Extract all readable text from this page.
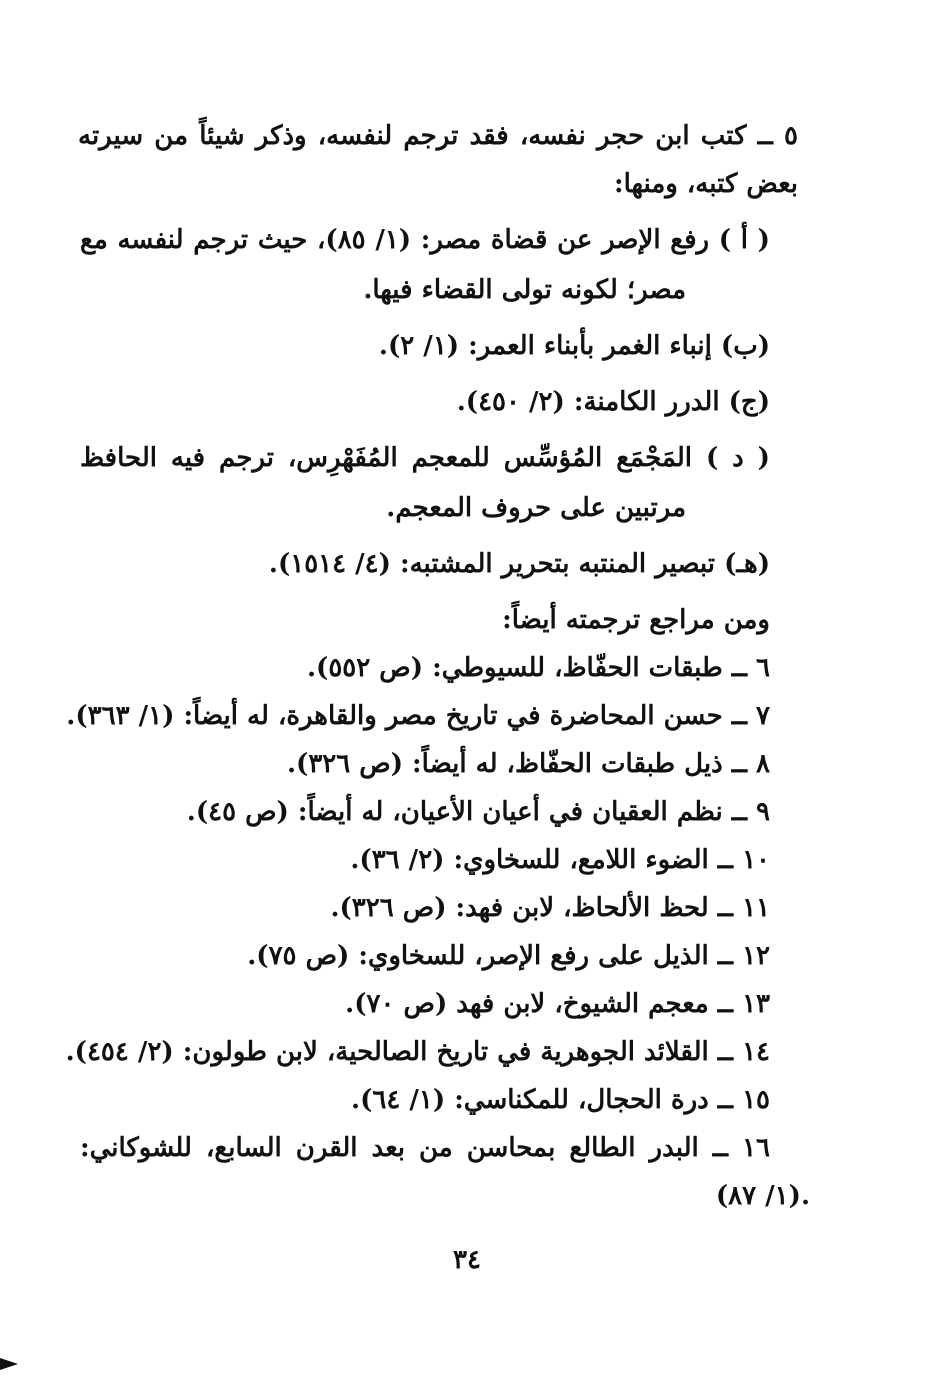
٥ ــ كتب ابن حجر نفسه، فقد ترجم لنفسه، وذكر شيئاً من سيرته
بعض كتبه، ومنها:
( أ ) رفع الإصر عن قضاة مصر: (١/ ٨٥)، حيث ترجم لنفسه مع
مصر؛ لكونه تولى القضاء فيها.
(ب) إنباء الغمر بأبناء العمر: (١/ ٢).
(ج) الدرر الكامنة: (٢/ ٤٥٠).
( د ) المَجْمَع المُؤسِّس للمعجم المُفَهْرِس، ترجم فيه الحافظ
مرتبين على حروف المعجم.
(هـ) تبصير المنتبه بتحرير المشتبه: (٤/ ١٥١٤).
ومن مراجع ترجمته أيضاً:
٦ ــ طبقات الحفّاظ، للسيوطي: (ص ٥٥٢).
٧ ــ حسن المحاضرة في تاريخ مصر والقاهرة، له أيضاً: (١/ ٣٦٣).
٨ ــ ذيل طبقات الحفّاظ، له أيضاً: (ص ٣٢٦).
٩ ــ نظم العقيان في أعيان الأعيان، له أيضاً: (ص ٤٥).
١٠ ــ الضوء اللامع، للسخاوي: (٢/ ٣٦).
١١ ــ لحظ الألحاظ، لابن فهد: (ص ٣٢٦).
١٢ ــ الذيل على رفع الإصر، للسخاوي: (ص ٧٥).
١٣ ــ معجم الشيوخ، لابن فهد (ص ٧٠).
١٤ ــ القلائد الجوهرية في تاريخ الصالحية، لابن طولون: (٢/ ٤٥٤).
١٥ ــ درة الحجال، للمكناسي: (١/ ٦٤).
١٦ ــ البدر الطالع بمحاسن من بعد القرن السابع، للشوكاني:
(١/ ٨٧).
٣٤
